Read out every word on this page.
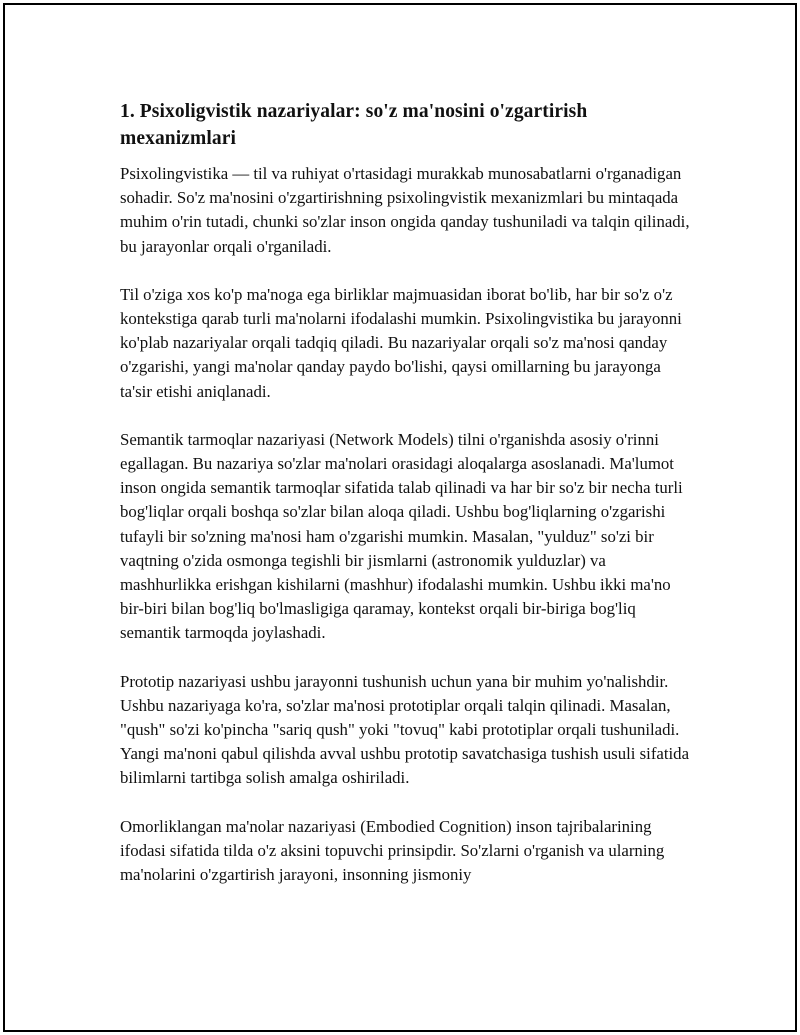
1. Psixoligvistik nazariyalar: so'z ma'nosini o'zgartirish mexanizmlari

Psixolingvistika — til va ruhiyat o'rtasidagi murakkab munosabatlarni o'rganadigan sohadir. So'z ma'nosini o'zgartirishning psixolingvistik mexanizmlari bu mintaqada muhim o'rin tutadi, chunki so'zlar inson ongida qanday tushuniladi va talqin qilinadi, bu jarayonlar orqali o'rganiladi.

Til o'ziga xos ko'p ma'noga ega birliklar majmuasidan iborat bo'lib, har bir so'z o'z kontekstiga qarab turli ma'nolarni ifodalashi mumkin. Psixolingvistika bu jarayonni ko'plab nazariyalar orqali tadqiq qiladi. Bu nazariyalar orqali so'z ma'nosi qanday o'zgarishi, yangi ma'nolar qanday paydo bo'lishi, qaysi omillarning bu jarayonga ta'sir etishi aniqlanadi.

Semantik tarmoqlar nazariyasi (Network Models) tilni o'rganishda asosiy o'rinni egallagan. Bu nazariya so'zlar ma'nolari orasidagi aloqalarga asoslanadi. Ma'lumot inson ongida semantik tarmoqlar sifatida talab qilinadi va har bir so'z bir necha turli bog'liqlar orqali boshqa so'zlar bilan aloqa qiladi. Ushbu bog'liqlarning o'zgarishi tufayli bir so'zning ma'nosi ham o'zgarishi mumkin. Masalan, "yulduz" so'zi bir vaqtning o'zida osmonga tegishli bir jismlarni (astronomik yulduzlar) va mashhurlikka erishgan kishilarni (mashhur) ifodalashi mumkin. Ushbu ikki ma'no bir-biri bilan bog'liq bo'lmasligiga qaramay, kontekst orqali bir-biriga bog'liq semantik tarmoqda joylashadi.

Prototip nazariyasi ushbu jarayonni tushunish uchun yana bir muhim yo'nalishdir. Ushbu nazariyaga ko'ra, so'zlar ma'nosi prototiplar orqali talqin qilinadi. Masalan, "qush" so'zi ko'pincha "sariq qush" yoki "tovuq" kabi prototiplar orqali tushuniladi. Yangi ma'noni qabul qilishda avval ushbu prototip savatchasiga tushish usuli sifatida bilimlarni tartibga solish amalga oshiriladi.

Omorliklangan ma'nolar nazariyasi (Embodied Cognition) inson tajribalarining ifodasi sifatida tilda o'z aksini topuvchi prinsipdir. So'zlarni o'rganish va ularning ma'nolarini o'zgartirish jarayoni, insonning jismoniy
